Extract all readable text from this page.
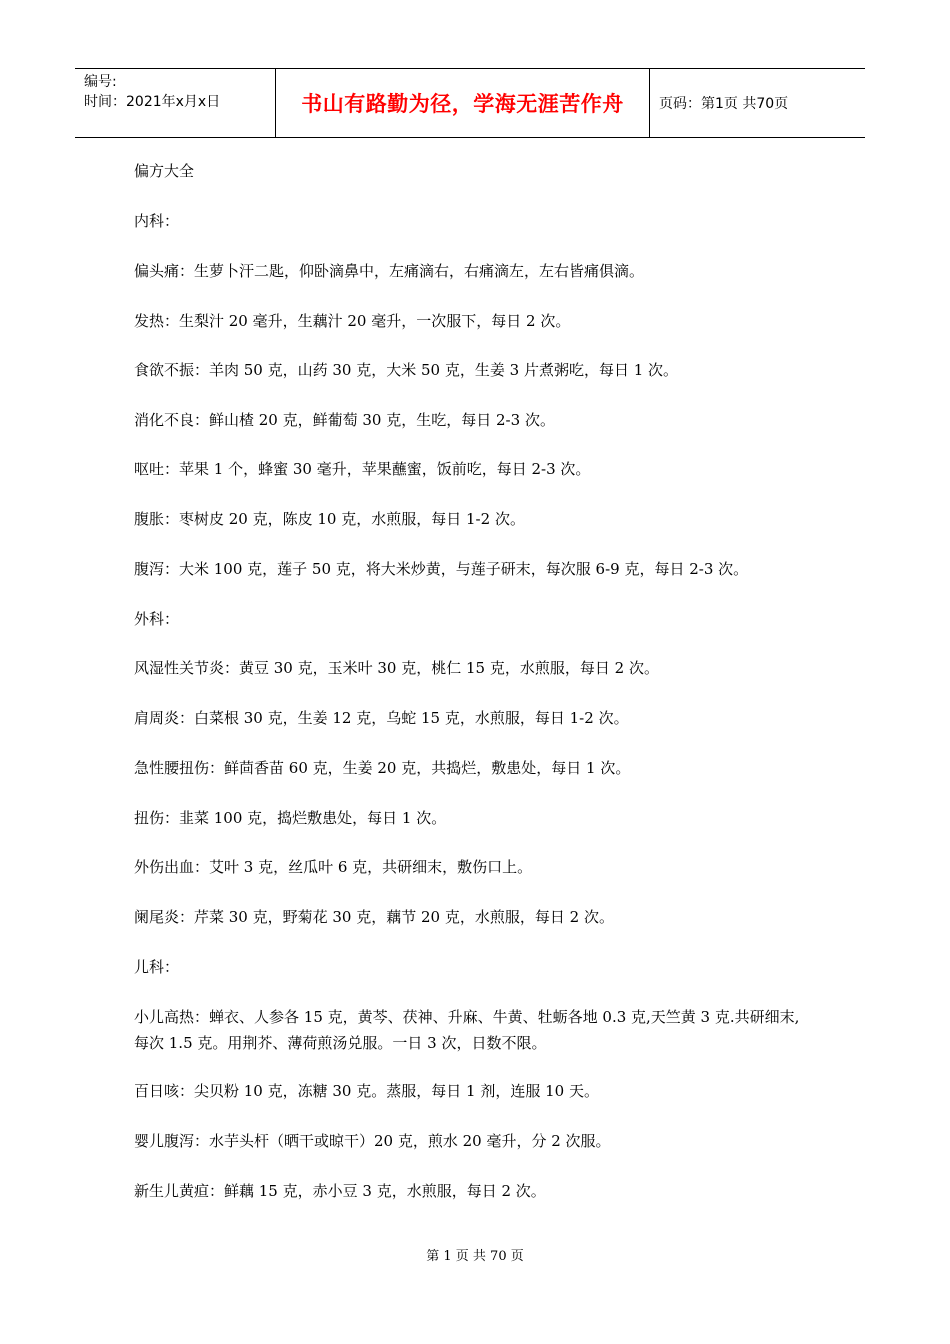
编号:
时间：2021年x月x日	书山有路勤为径，学海无涯苦作舟	页码：第1页 共70页

偏方大全

内科：

偏头痛：生萝卜汗二匙，仰卧滴鼻中，左痛滴右，右痛滴左，左右皆痛俱滴。

发热：生梨汁 20 毫升，生藕汁 20 毫升，一次服下，每日 2 次。

食欲不振：羊肉 50 克，山药 30 克，大米 50 克，生姜 3 片煮粥吃，每日 1 次。

消化不良：鲜山楂 20 克，鲜葡萄 30 克，生吃，每日 2-3 次。

呕吐：苹果 1 个，蜂蜜 30 毫升，苹果蘸蜜，饭前吃，每日 2-3 次。

腹胀：枣树皮 20 克，陈皮 10 克，水煎服，每日 1-2 次。

腹泻：大米 100 克，莲子 50 克，将大米炒黄，与莲子研末，每次服 6-9 克，每日 2-3 次。

外科：

风湿性关节炎：黄豆 30 克，玉米叶 30 克，桃仁 15 克，水煎服，每日 2 次。

肩周炎：白菜根 30 克，生姜 12 克，乌蛇 15 克，水煎服，每日 1-2 次。

急性腰扭伤：鲜茴香苗 60 克，生姜 20 克，共捣烂，敷患处，每日 1 次。

扭伤：韭菜 100 克，捣烂敷患处，每日 1 次。

外伤出血：艾叶 3 克，丝瓜叶 6 克，共研细末，敷伤口上。

阑尾炎：芹菜 30 克，野菊花 30 克，藕节 20 克，水煎服，每日 2 次。

儿科：

小儿高热：蝉衣、人参各 15 克，黄芩、茯神、升麻、牛黄、牡蛎各地 0.3 克,天竺黄 3 克.共研细末,每次 1.5 克。用荆芥、薄荷煎汤兑服。一日 3 次，日数不限。

百日咳：尖贝粉 10 克，冻糖 30 克。蒸服，每日 1 剂，连服 10 天。

婴儿腹泻：水芋头杆（晒干或晾干）20 克，煎水 20 毫升，分 2 次服。

新生儿黄疸：鲜藕 15 克，赤小豆 3 克，水煎服，每日 2 次。

第 1 页 共 70 页
